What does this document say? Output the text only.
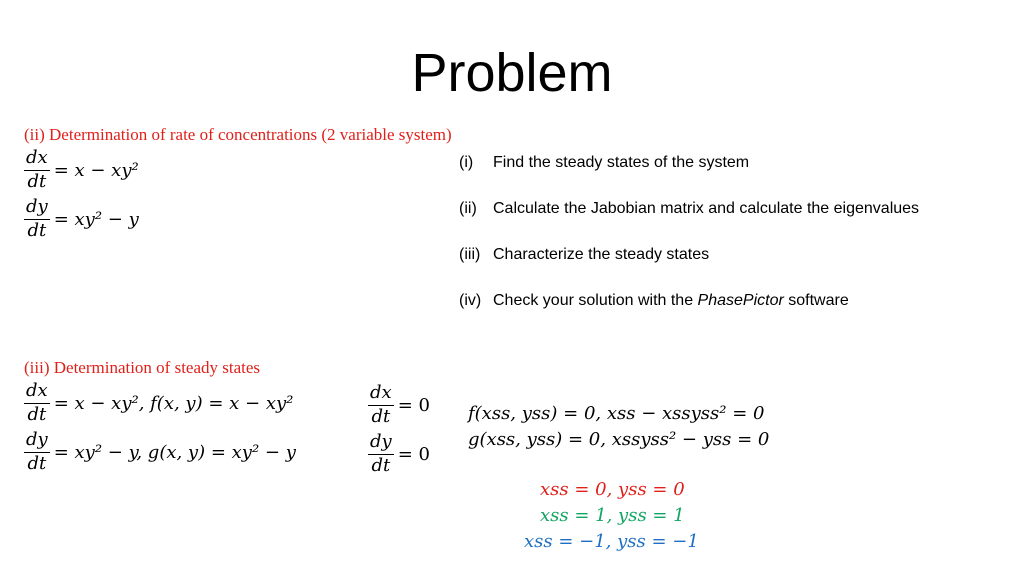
Problem
(ii) Determination of rate of concentrations (2 variable system)
$\frac{dx}{dt} = x - xy^2$
$\frac{dy}{dt} = xy^2 - y$
(i)	Find the steady states of the system
(ii)	Calculate the Jabobian matrix and calculate the eigenvalues
(iii) Characterize the steady states
(iv) Check your solution with the PhasePictor software
(iii) Determination of steady states
$\frac{dx}{dt} = x - xy^2$, f(x, y) = x − xy²
$\frac{dy}{dt} = xy^2 - y$, g(x, y) = xy² − y
$\frac{dx}{dt} = 0$
$\frac{dy}{dt} = 0$
f(xss, yss) = 0, xss − xssyss² = 0
g(xss, yss) = 0, xssyss² − yss = 0
xss = 0, yss = 0
xss = 1, yss = 1
xss = −1, yss = −1
